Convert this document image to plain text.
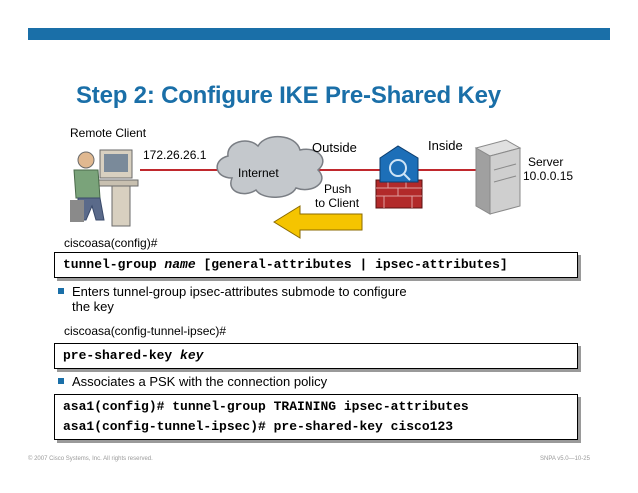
Step 2: Configure IKE Pre-Shared Key
Remote Client
172.26.26.1
Internet
Outside	Inside
Server
10.0.0.15
Push
to Client
ciscoasa(config)#
tunnel-group name [general-attributes | ipsec-attributes]
Enters tunnel-group ipsec-attributes submode to configure
the key
ciscoasa(config-tunnel-ipsec)#
pre-shared-key key
Associates a PSK with the connection policy
asa1(config)# tunnel-group TRAINING ipsec-attributes
asa1(config-tunnel-ipsec)# pre-shared-key cisco123
© 2007 Cisco Systems, Inc. All rights reserved.	SNPA v5.0—10-25
